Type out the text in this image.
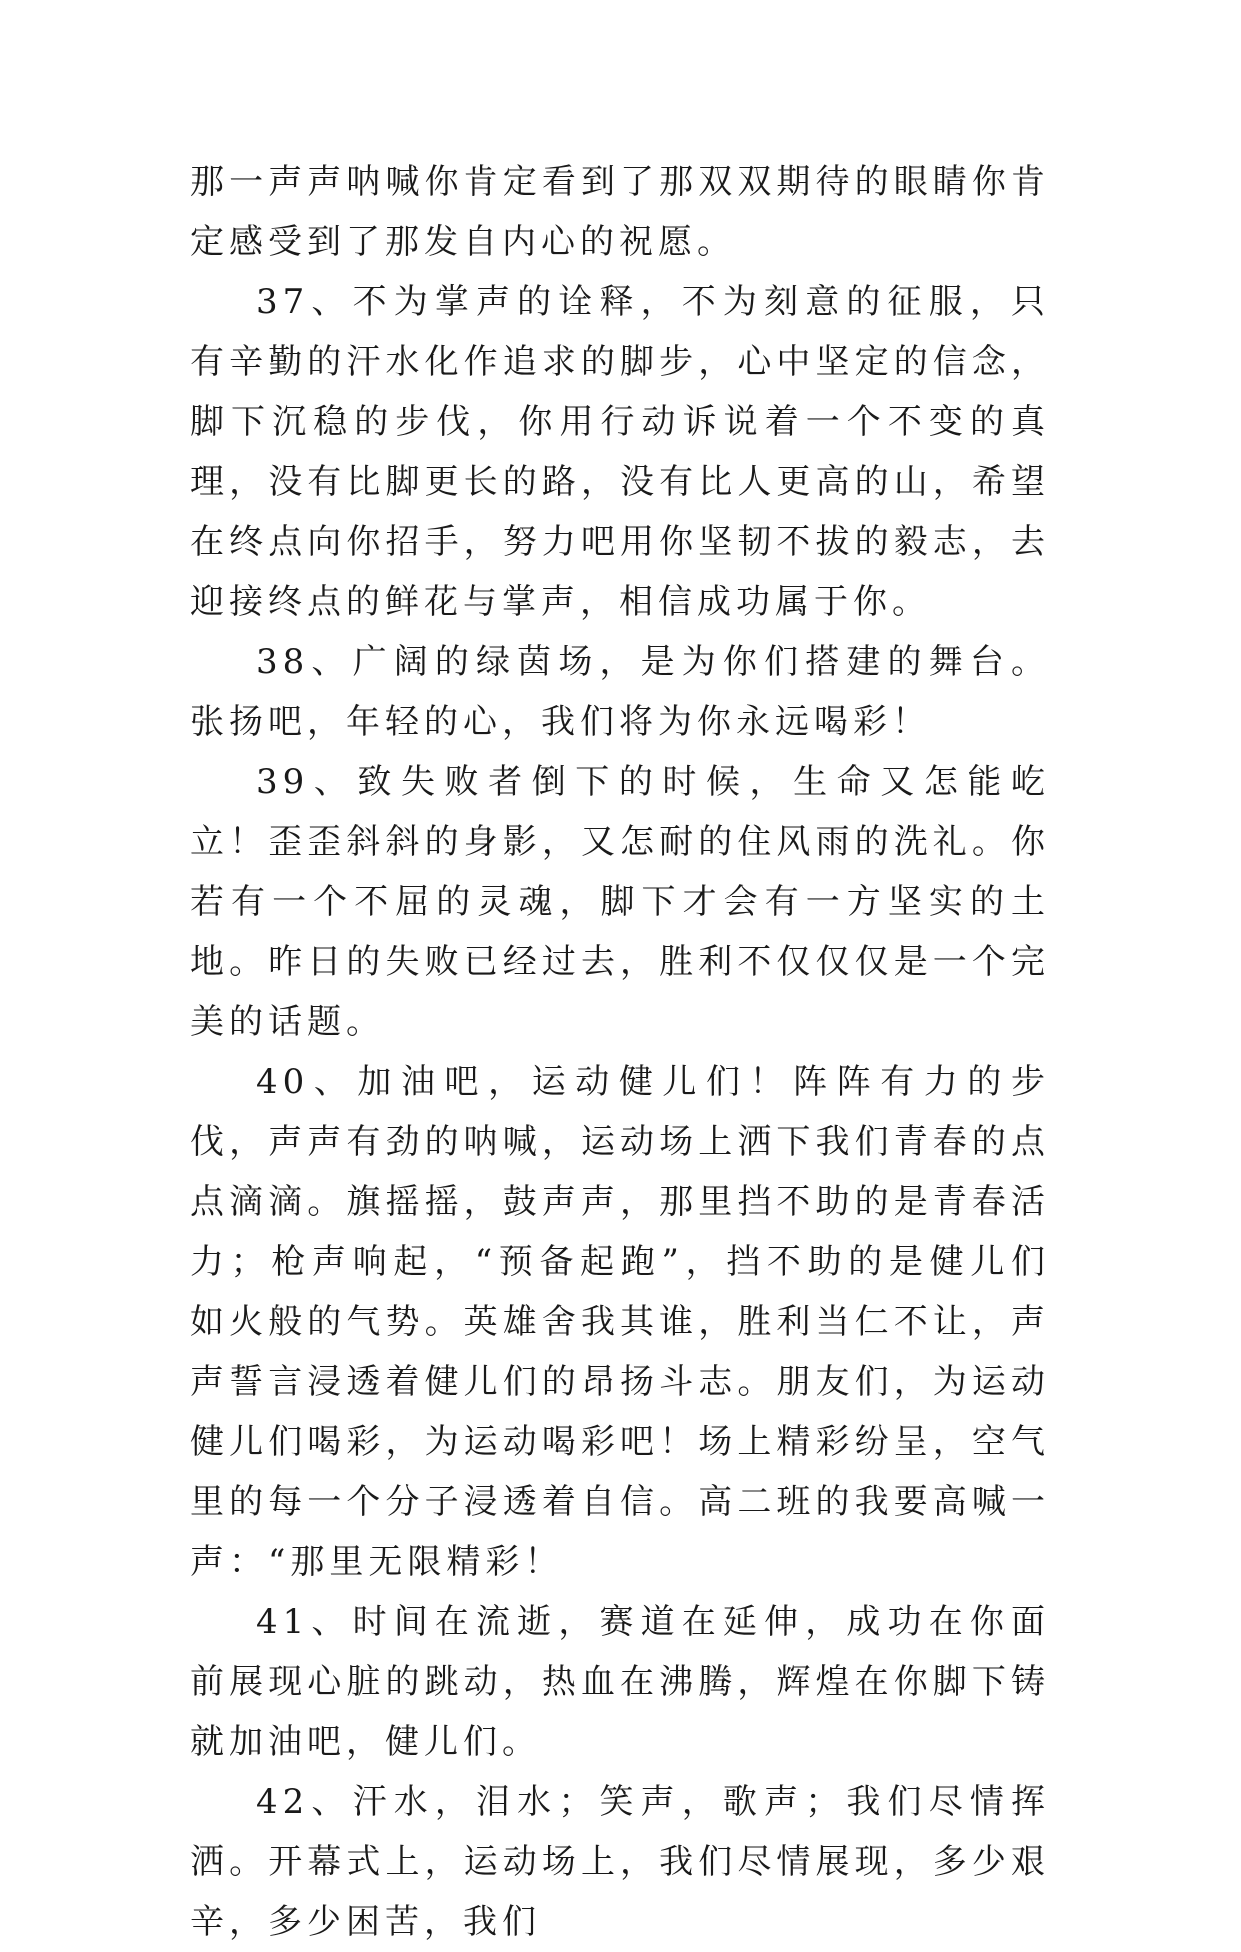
那一声声呐喊你肯定看到了那双双期待的眼睛你肯定感受到了那发自内心的祝愿。

37、不为掌声的诠释，不为刻意的征服，只有辛勤的汗水化作追求的脚步，心中坚定的信念，脚下沉稳的步伐，你用行动诉说着一个不变的真理，没有比脚更长的路，没有比人更高的山，希望在终点向你招手，努力吧用你坚韧不拔的毅志，去迎接终点的鲜花与掌声，相信成功属于你。

38、广阔的绿茵场，是为你们搭建的舞台。张扬吧，年轻的心，我们将为你永远喝彩！

39、致失败者倒下的时候，生命又怎能屹立！歪歪斜斜的身影，又怎耐的住风雨的洗礼。你若有一个不屈的灵魂，脚下才会有一方坚实的土地。昨日的失败已经过去，胜利不仅仅仅是一个完美的话题。

40、加油吧，运动健儿们！阵阵有力的步伐，声声有劲的呐喊，运动场上洒下我们青春的点点滴滴。旗摇摇，鼓声声，那里挡不助的是青春活力；枪声响起，“预备起跑”，挡不助的是健儿们如火般的气势。英雄舍我其谁，胜利当仁不让，声声誓言浸透着健儿们的昂扬斗志。朋友们，为运动健儿们喝彩，为运动喝彩吧！场上精彩纷呈，空气里的每一个分子浸透着自信。高二班的我要高喊一声：“那里无限精彩！

41、时间在流逝，赛道在延伸，成功在你面前展现心脏的跳动，热血在沸腾，辉煌在你脚下铸就加油吧，健儿们。

42、汗水，泪水；笑声，歌声；我们尽情挥洒。开幕式上，运动场上，我们尽情展现，多少艰辛，多少困苦，我们
